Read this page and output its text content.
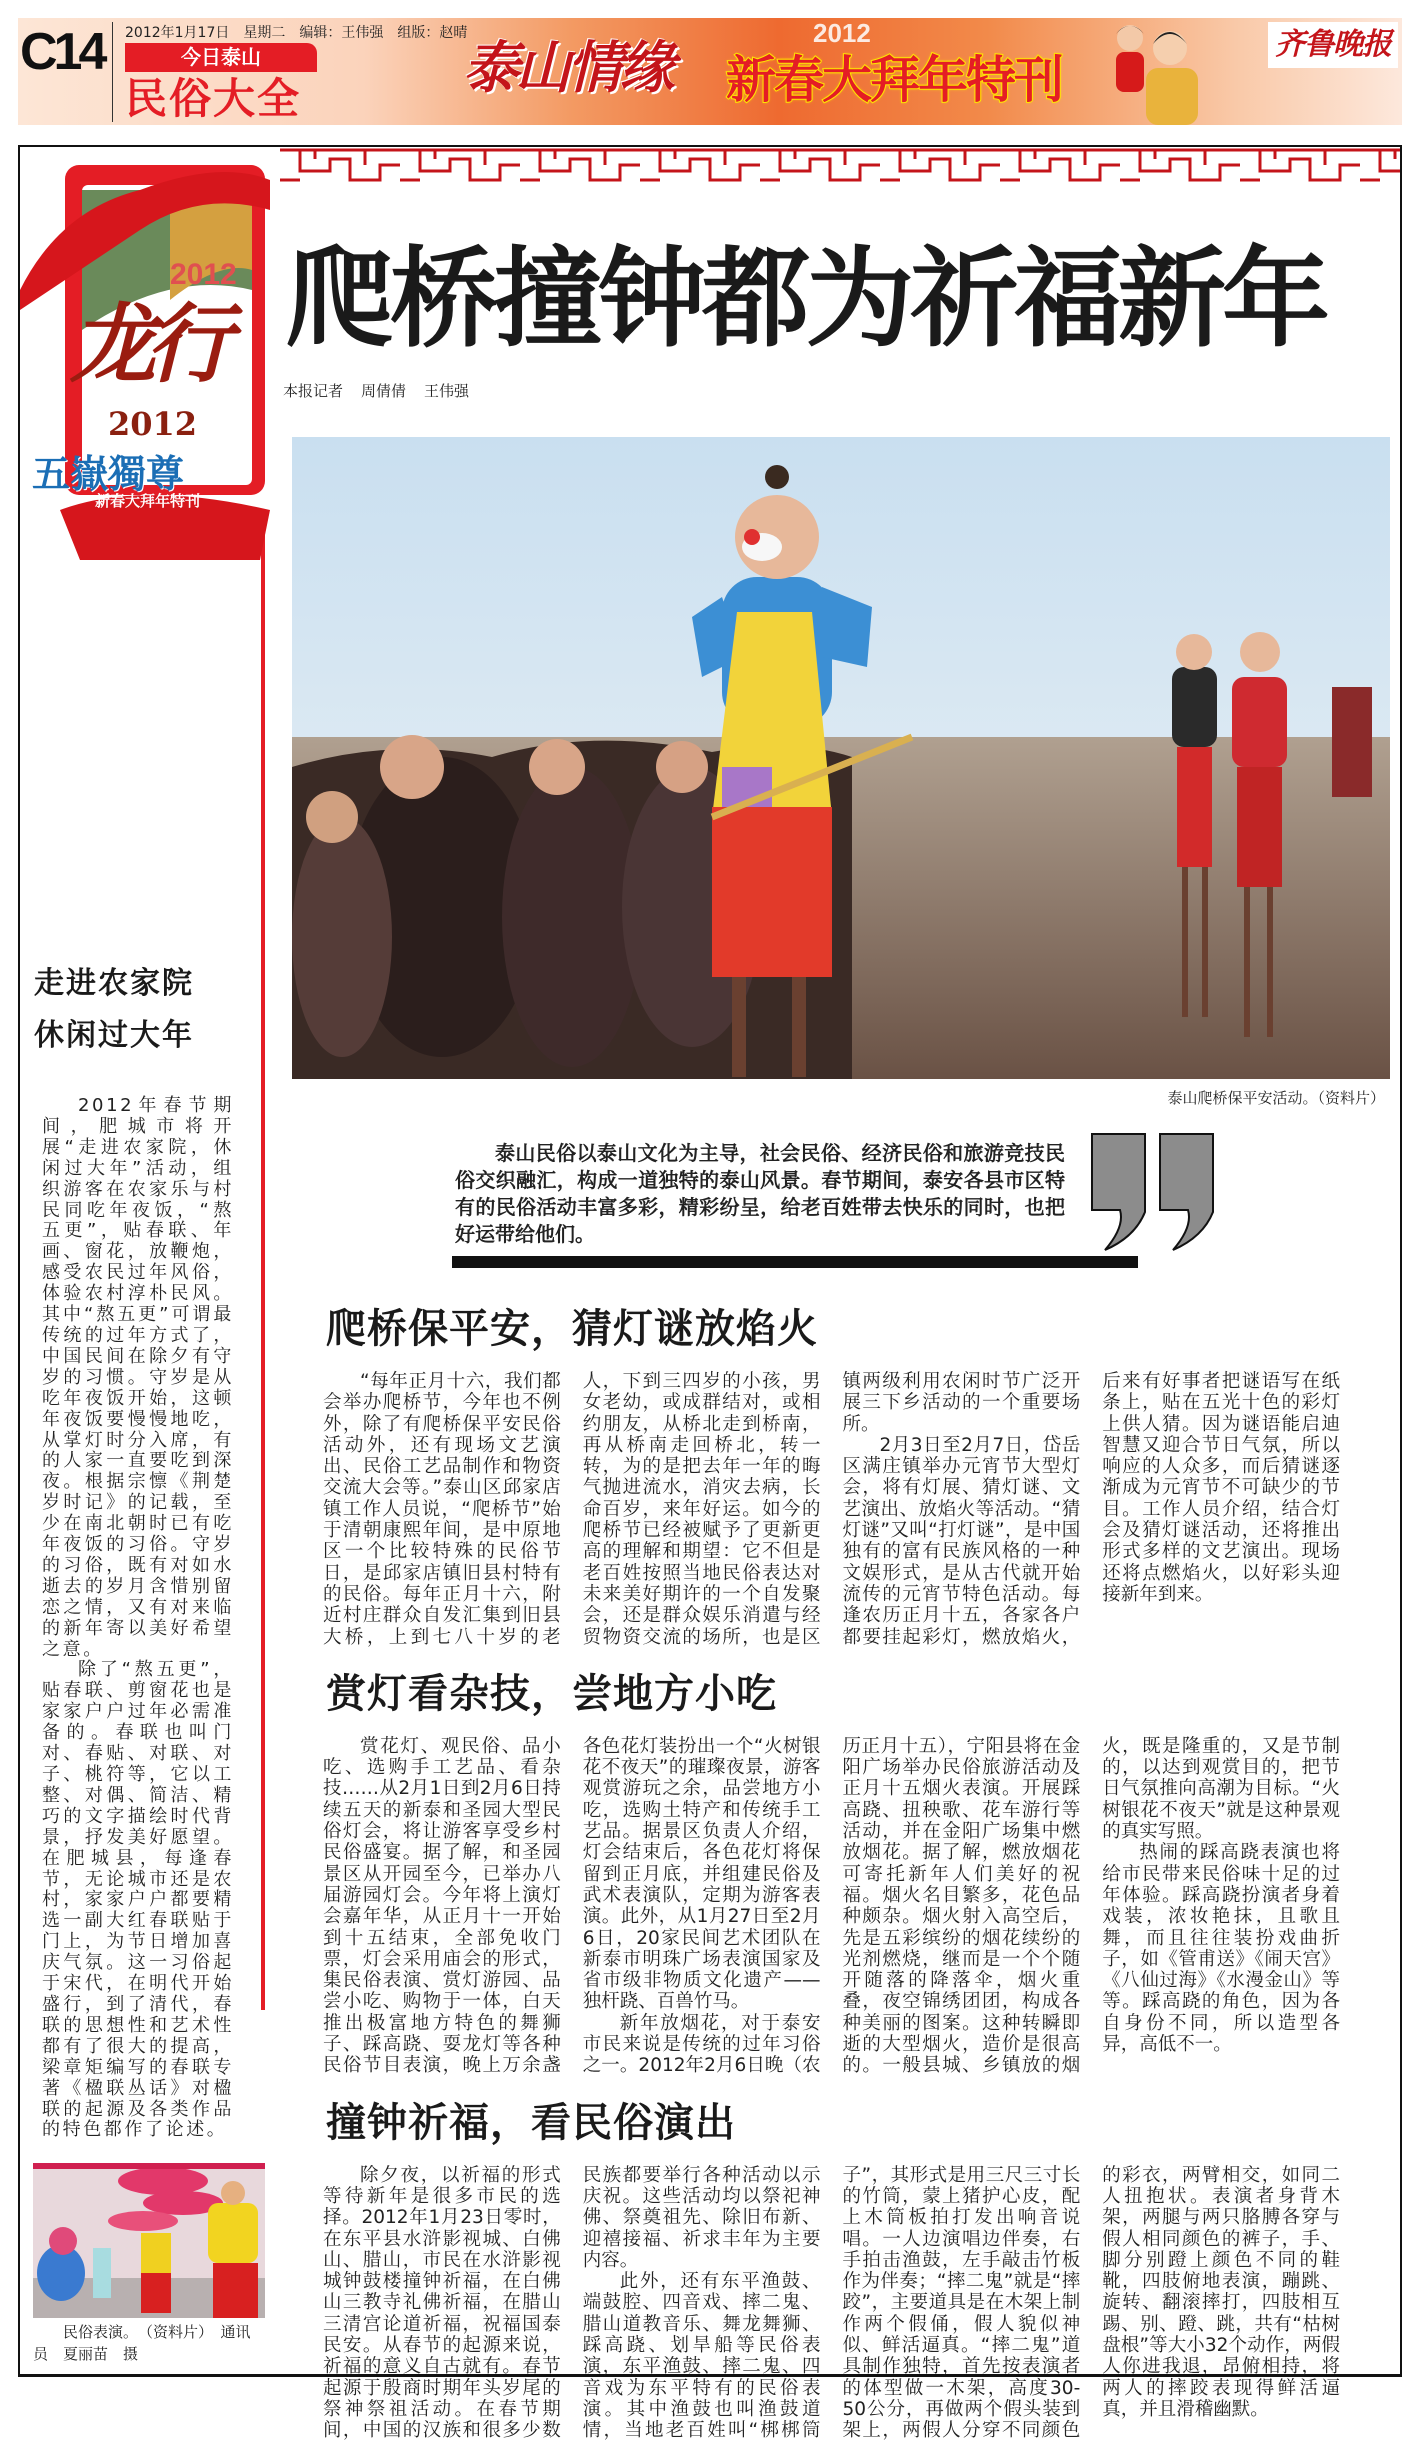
C14 2012年1月17日　星期二　编辑：王伟强　组版：赵晴
今日泰山
民俗大全
2012
泰山情缘 新春大拜年特刊
齐鲁晚报
2012
龙行
2012
五嶽獨尊
新春大拜年特刊
爬桥撞钟都为祈福新年
本报记者 周倩倩 王伟强
泰山爬桥保平安活动。（资料片）
泰山民俗以泰山文化为主导，社会民俗、经济民俗和旅游竞技民俗交织融汇，构成一道独特的泰山风景。春节期间，泰安各县市区特有的民俗活动丰富多彩，精彩纷呈，给老百姓带去快乐的同时，也把好运带给他们。
爬桥保平安，猜灯谜放焰火

“每年正月十六，我们都会举办爬桥节，今年也不例外，除了有爬桥保平安民俗活动外，还有现场文艺演出、民俗工艺品制作和物资交流大会等。”泰山区邱家店镇工作人员说，“爬桥节”始于清朝康熙年间，是中原地区一个比较特殊的民俗节日，是邱家店镇旧县村特有的民俗。每年正月十六，附近村庄群众自发汇集到旧县大桥，上到七八十岁的老人，下到三四岁的小孩，男女老幼，或成群结对，或相约朋友，从桥北走到桥南，再从桥南走回桥北，转一转，为的是把去年一年的晦气抛进流水，消灾去病，长命百岁，来年好运。如今的爬桥节已经被赋予了更新更高的理解和期望：它不但是老百姓按照当地民俗表达对未来美好期许的一个自发聚会，还是群众娱乐消遣与经贸物资交流的场所，也是区镇两级利用农闲时节广泛开展三下乡活动的一个重要场所。

2月3日至2月7日，岱岳区满庄镇举办元宵节大型灯会，将有灯展、猜灯谜、文艺演出、放焰火等活动。“猜灯谜”又叫“打灯谜”，是中国独有的富有民族风格的一种文娱形式，是从古代就开始流传的元宵节特色活动。每逢农历正月十五，各家各户都要挂起彩灯，燃放焰火，后来有好事者把谜语写在纸条上，贴在五光十色的彩灯上供人猜。因为谜语能启迪智慧又迎合节日气氛，所以响应的人众多，而后猜谜逐渐成为元宵节不可缺少的节目。工作人员介绍，结合灯会及猜灯谜活动，还将推出形式多样的文艺演出。现场还将点燃焰火，以好彩头迎接新年到来。

赏灯看杂技，尝地方小吃

赏花灯、观民俗、品小吃、选购手工艺品、看杂技……从2月1日到2月6日持续五天的新泰和圣园大型民俗灯会，将让游客享受乡村民俗盛宴。据了解，和圣园景区从开园至今，已举办八届游园灯会。今年将上演灯会嘉年华，从正月十一开始到十五结束，全部免收门票，灯会采用庙会的形式，集民俗表演、赏灯游园、品尝小吃、购物于一体，白天推出极富地方特色的舞狮子、踩高跷、耍龙灯等各种民俗节目表演，晚上万余盏各色花灯装扮出一个“火树银花不夜天”的璀璨夜景，游客观赏游玩之余，品尝地方小吃，选购土特产和传统手工艺品。据景区负责人介绍，灯会结束后，各色花灯将保留到正月底，并组建民俗及武术表演队，定期为游客表演。此外，从1月27日至2月6日，20家民间艺术团队在新泰市明珠广场表演国家及省市级非物质文化遗产——独杆跷、百兽竹马。

新年放烟花，对于泰安市民来说是传统的过年习俗之一。2012年2月6日晚（农历正月十五），宁阳县将在金阳广场举办民俗旅游活动及正月十五烟火表演。开展踩高跷、扭秧歌、花车游行等活动，并在金阳广场集中燃放烟花。据了解，燃放烟花可寄托新年人们美好的祝福。烟火名目繁多，花色品种颇杂。烟火射入高空后，先是五彩缤纷的烟花续纷的光剂燃烧，继而是一个个随开随落的降落伞，烟火重叠，夜空锦绣团团，构成各种美丽的图案。这种转瞬即逝的大型烟火，造价是很高的。一般县城、乡镇放的烟火，既是隆重的，又是节制的，以达到观赏目的，把节日气氛推向高潮为目标。“火树银花不夜天”就是这种景观的真实写照。

热闹的踩高跷表演也将给市民带来民俗味十足的过年体验。踩高跷扮演者身着戏装，浓妆艳抹，且歌且舞，而且往往装扮戏曲折子，如《管甫送》《闹天宫》《八仙过海》《水漫金山》等等。踩高跷的角色，因为各自身份不同，所以造型各异，高低不一。

撞钟祈福，看民俗演出

除夕夜，以祈福的形式等待新年是很多市民的选择。2012年1月23日零时，在东平县水浒影视城、白佛山、腊山，市民在水浒影视城钟鼓楼撞钟祈福，在白佛山三教寺礼佛祈福，在腊山三清宫论道祈福，祝福国泰民安。从春节的起源来说，祈福的意义自古就有。春节起源于殷商时期年头岁尾的祭神祭祖活动。在春节期间，中国的汉族和很多少数民族都要举行各种活动以示庆祝。这些活动均以祭祀神佛、祭奠祖先、除旧布新、迎禧接福、祈求丰年为主要内容。

此外，还有东平渔鼓、端鼓腔、四音戏、摔二鬼、腊山道教音乐、舞龙舞狮、踩高跷、划旱船等民俗表演，东平渔鼓、摔二鬼、四音戏为东平特有的民俗表演。其中渔鼓也叫渔鼓道情，当地老百姓叫“梆梆筒子”，其形式是用三尺三寸长的竹筒，蒙上猪护心皮，配上木筒板拍打发出响音说唱。一人边演唱边伴奏，右手拍击渔鼓，左手敲击竹板作为伴奏；“摔二鬼”就是“摔跤”，主要道具是在木架上制作两个假俑，假人貌似神似、鲜活逼真。“摔二鬼”道具制作独特，首先按表演者的体型做一木架，高度30-50公分，再做两个假头装到架上，两假人分穿不同颜色的彩衣，两臂相交，如同二人扭抱状。表演者身背木架，两腿与两只胳膊各穿与假人相同颜色的裤子，手、脚分别蹬上颜色不同的鞋靴，四肢俯地表演，蹦跳、旋转、翻滚摔打，四肢相互踢、别、蹬、跳，共有“枯树盘根”等大小32个动作，两假人你进我退，昂俯相持，将两人的摔跤表现得鲜活逼真，并且滑稽幽默。

走进农家院
休闲过大年

2012年春节期间，肥城市将开展“走进农家院，休闲过大年”活动，组织游客在农家乐与村民同吃年夜饭，“熬五更”，贴春联、年画、窗花，放鞭炮，感受农民过年风俗，体验农村淳朴民风。其中“熬五更”可谓最传统的过年方式了，中国民间在除夕有守岁的习惯。守岁是从吃年夜饭开始，这顿年夜饭要慢慢地吃，从掌灯时分入席，有的人家一直要吃到深夜。根据宗懔《荆楚岁时记》的记载，至少在南北朝时已有吃年夜饭的习俗。守岁的习俗，既有对如水逝去的岁月含惜别留恋之情，又有对来临的新年寄以美好希望之意。

除了“熬五更”，贴春联、剪窗花也是家家户户过年必需准备的。春联也叫门对、春贴、对联、对子、桃符等，它以工整、对偶、简洁、精巧的文字描绘时代背景，抒发美好愿望。在肥城县，每逢春节，无论城市还是农村，家家户户都要精选一副大红春联贴于门上，为节日增加喜庆气氛。这一习俗起于宋代，在明代开始盛行，到了清代，春联的思想性和艺术性都有了很大的提高，梁章矩编写的春联专著《楹联丛话》对楹联的起源及各类作品的特色都作了论述。

民俗表演。　（资料片）　通讯员　夏丽苗　摄
